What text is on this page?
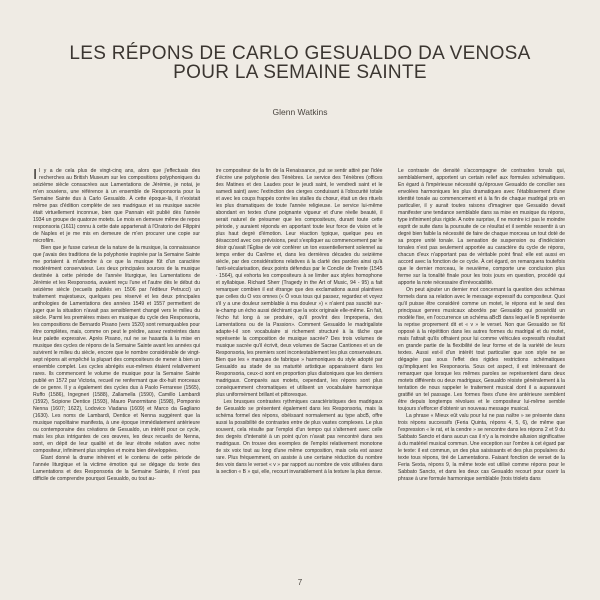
LES RÉPONS DE CARLO GESUALDO DA VENOSA
POUR LA SEMAINE SAINTE
Glenn Watkins

Il y a de cela plus de vingt-cinq ans, alors que j'effectuais des recherches au British Museum sur les compositions polyphoniques du seizième siècle consacrées aux Lamentations de Jérémie, je notai, je m'en souviens, une référence à un ensemble de Responsoria pour la Semaine Sainte dus à Carlo Gesualdo. À cette époque-là, il n'existait même pas d'édition complète de ses madrigaux et sa musique sacrée était virtuellement inconnue, bien que Pannain eût publié dès l'année 1934 un groupe de quatorze motets. Le mois en demeure même de repos responsoria (1611) connu à cette date appartenait à l'Oratorio dei Filippini de Naples et je me mis en demeure de m'en procurer une copie sur microfilm.

Bien que je fusse curieux de la nature de la musique, la connaissance que j'avais des traditions de la polyphonie inspirée par la Semaine Sainte me portaient à m'attendre à ce que la musique fût d'un caractère modérément conservateur. Les deux principales sources de la musique destinée à cette période de l'année liturgique, les Lamentations de Jérémie et les Responsoria, avaient reçu l'une et l'autre dès le début du seizième siècle (recueils publiés en 1506 par l'éditeur Petrucci) un traitement majestueux, quelques peu réservé et les deux principales anthologies de Lamentations des années 1549 et 1557 permettent de juger que la situation n'avait pas sensiblement changé vers le milieu du siècle. Parmi les premières mises en musique du cycle des Responsoria, les compositions de Bernardo Pisano (vers 1520) sont remarquables pour être complètes, mais, comme on peut le prédire, assez restreintes dans leur palette expressive. Après Pisano, nul ne se hasarda à la mise en musique des cycles de répons de la Semaine Sainte avant les années qui suivirent le milieu du siècle, encore que le nombre considérable de vingt-sept répons ait empêché la plupart des compositeurs de mener à bien un ensemble complet. Les cycles abrégés eux-mêmes étaient relativement rares. Ils commencent le volume de musique pour la Semaine Sainte publié en 1572 par Victoria, recueil ne renfermant que dix-huit morceaux de ce genre. Il y a également des cycles dus à Paolo Ferrarese (1565), Ruffo (1586), Ingegneri (1588), Zallamella (1590), Camillo Lambardi (1592), Scipione Dentice (1593), Mauro Panormitano (1598), Pomponio Nenna (1607; 1622), Lodovico Viadana (1609) et Marco da Gagliano (1630). Les noms de Lambardi, Dentice et Nenna suggèrent que la musique napolitaine manifesta, à une époque immédiatement antérieure ou contemporaine des créations de Gesualdo, un intérêt pour ce cycle, mais les plus intrigantes de ces œuvres, les deux recueils de Nenna, sont, en dépit de leur qualité et de leur étroite relation avec notre compositeur, infiniment plus simples et moins bien développées.

Étant donné la drame inhérent et le contenu de cette période de l'année liturgique et la victime émotion qui se dégage du texte des Lamentations et des Responsoria de la Semaine Sainte, il n'est pas difficile de comprendre pourquoi Gesualdo, ou tout au-

tre compositeur de la fin de la Renaissance, put se sentir attiré par l'idée d'écrire une polyphonie des Ténèbres. Le service des Ténèbres (offices des Matines et des Laudes pour le jeudi saint, le vendredi saint et le samedi saint) avec l'extinction des cierges conduisant à l'obscurité totale et avec les coups frappés contre les stalles du chœur, était un des rituels les plus dramatiques de toute l'année religieuse. Le service lui-même abondant en textes d'une poignante vigueur et d'une réelle beauté, il serait naturel de présumer que les compositeurs, durant toute cette période, y auraient répondu en apportant toute leur force de vision et le plus haut degré d'émotion. Leur réaction typique, quelque peu en désaccord avec ces prévisions, peut s'expliquer au commencement par le désir qu'avait l'Église de voir conférer un ton essentiellement solennel au temps entier du Carême et, dans les dernières décades du seizième siècle, par des considérations relatives à la clarté des paroles ainsi qu'à l'anti-sécularisation, deux points défendus par le Concile de Trente (1545 - 1564), qui exhorta les compositeurs à se limiter aux styles homophone et syllabique. Richard Sherr (Tragedy in the Art of Music, 94 - 95) a fait remarquer combien il est étrange que des exclamations aussi plaintives que celles du O vos omnes (« Ô vous tous qui passez, regardez et voyez s'il y a une douleur semblable à ma douleur ») « n'aient pas suscité sur-le-champ un écho aussi déchirant que la voix originale elle-même. En fait, l'écho fut long à se produire, qu'il provînt des Improperia, des Lamentations ou de la Passion». Comment Gesualdo le madrigaliste adapte-t-il son vocabulaire si richement structuré à la tâche que représente la composition de musique sacrée? Des trois volumes de musique sacrée qu'il écrivit, deux volumes de Sacrae Cantiones et un de Responsoria, les premiers sont incontestablement les plus conservateurs. Bien que les « marques de fabrique » harmoniques du style adopté par Gesualdo au stade de sa maturité artistique apparaissent dans les Responsoria, ceux-ci sont en proportion plus diatoniques que les derniers madrigaux. Comparés aux motets, cependant, les répons sont plus conséquemment chromatiques et utilisent un vocabulaire harmonique plus uniformément brillant et pittoresque.

Les brusques contrastes rythmiques caractéristiques des madrigaux de Gesualdo se présentent également dans les Responsoria, mais la schéma formel des répons, obéissant normalement au type abcB, offre aussi la possibilité de contrastes entre de plus vastes complexes. Le plus souvent, cela résulte par l'emploi d'un tempo qui s'alternent avec celle des degrés d'intensité à un point qu'on n'avait pas rencontré dans ses madrigaux. On trouve des exemples de l'emploi relativement monotone de six voix tout au long d'une même composition, mais cela est assez rare. Plus fréquemment, on assiste à une certaine réduction du nombre des voix dans le verset « v » par rapport au nombre de voix utilisées dans la section « B » qui, elle, recourt invariablement à la texture la plus dense.

Le contraste de densité s'accompagne de contrastes tonals qui, semblablement, apportent un certain relief aux formules schématiques. En égard à l'impérieuse nécessité qu'éprouve Gesualdo de concilier ses envolées harmoniques les plus dramatiques avec l'établissement d'une identité tonale au commencement et à la fin de chaque madrigal pris en particulier, il y aurait toutes raisons d'imaginer que Gesualdo devait manifester une tendance semblable dans sa mise en musique du répons, type infiniment plus rigide. A notre surprise, il ne montre ici pas le moindre esprit de suite dans la poursuite de ce résultat et il semble ressentir à un degré bien faible la nécessité de faire de chaque morceau un tout doté de sa propre unité tonale. La sensation de suspension ou d'indécision tonales n'est pas seulement apportée au caractère du cycle de répons, chacun d'eux n'apportant pas de véritable point final: elle est aussi en accord avec la fonction de ce cycle. À cet égard, on remarquera toutefois que le dernier morceau, le neuvième, comporte une conclusion plus ferme sur la tonalité finale pour les trois jours en question, procédé qui apporte la note nécessaire d'irrévocabilité.

On peut ajouter un dernier mot concernant la question des schémas formels dans sa relation avec le message expressif du compositeur. Quoi qu'il puisse être considéré comme un motet, le répons est le seul des principaux genres musicaux abordés par Gesualdo qui possédât un modèle fixe, en l'occurrence un schéma aBcB dans lequel le B représente la reprise proprement dit et « v » le verset. Non que Gesualdo se fût opposé à la répétition dans les autres formes du madrigal et du motet, mais l'attrait qu'ils offraient pour lui comme véhicules expressifs résultait en grande partie de la flexibilité de leur forme et de la variété de leurs textes. Aussi est-il d'un intérêt tout particulier que son style ne se dégagée pas sous l'effet des rigides restrictions schématiques qu'impliquent les Responsoria. Sous cet aspect, il est intéressant de remarquer que lorsque les mêmes paroles se représentent dans deux motets différents ou deux madrigaux, Gesualdo résiste généralement à la tentation de nous rappeler le traitement musical dont il a auparavant gratifié un tel passage. Les formes fixes d'une ère antérieure semblent être depuis longtemps révolues et le compositeur lui-même semble toujours s'efforcer d'obtenir un nouveau message musical.

La phrase « Mieux eût valu pour lui ne pas naître » se présente dans trois répons successifs (Feria Quinta, répons 4, 5, 6), de même que l'expression « le rat, et la cendre » se rencontre dans les répons 2 et 9 du Sabbato Sancto et dans aucun cas il n'y a la moindre allusion significative à du matériel musical commun. Une exception sur l'ombre à cet égard par le texte: il est commun, un des plus saisissants et des plus populaires du texte tous répons, tiré de Lamentations. Faisant fonction de verset de la Feria Sexta, répons 9, la même texte est utilisé comme répons pour le Sabbato Sancto, et dans les deux cas Gesualdo recourt pour ouvrir la phrase à une formule harmonique semblable (trois triolets dans

7
